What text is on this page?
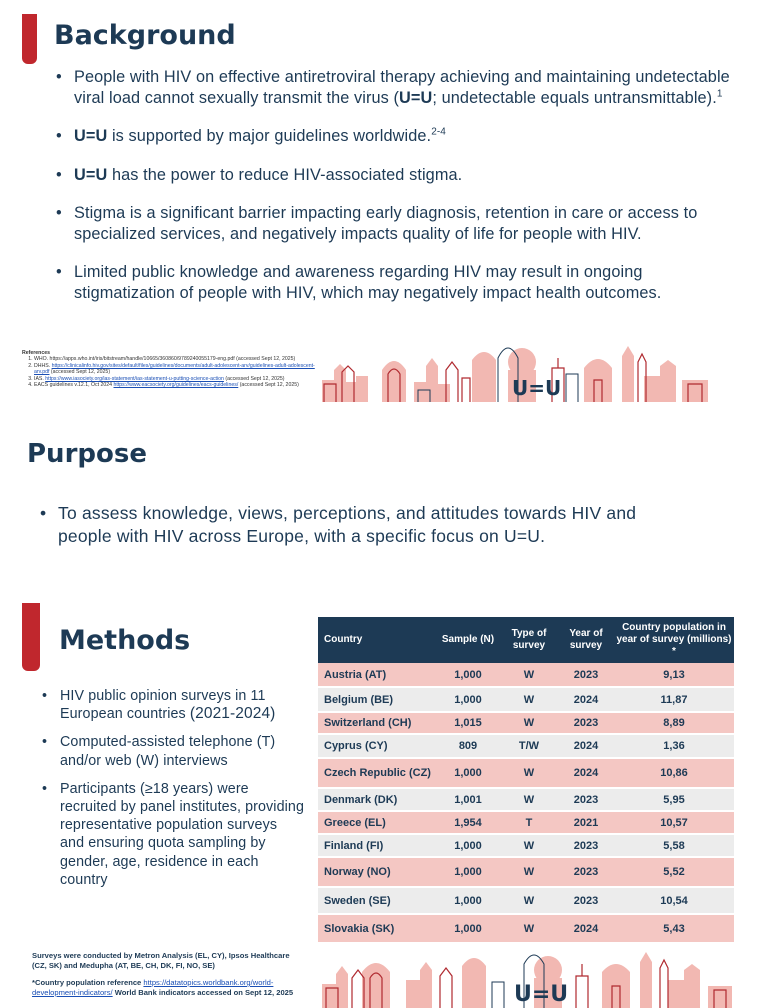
Background
• People with HIV on effective antiretroviral therapy achieving and maintaining undetectable viral load cannot sexually transmit the virus (U=U; undetectable equals untransmittable).$^1$
• U=U is supported by major guidelines worldwide.$^{2-4}$
• U=U has the power to reduce HIV-associated stigma.
• Stigma is a significant barrier impacting early diagnosis, retention in care or access to specialized services, and negatively impacts quality of life for people with HIV.
• Limited public knowledge and awareness regarding HIV may result in ongoing stigmatization of people with HIV, which may negatively impact health outcomes.
References
1. WHO. https://apps.who.int/iris/bitstream/handle/10665/360860/9789240055179-eng.pdf (accessed Sept 12, 2025)
2. DHHS. https://clinicalinfo.hiv.gov/sites/default/files/guidelines/documents/adult-adolescent-arv/guidelines-adult-adolescent-arv.pdf (accessed Sept 12, 2025)
3. IAS. https://www.iasociety.org/ias-statement/ias-statement-u-putting-science-action (accessed Sept 12, 2025)
4. EACS guidelines v.12.1, Oct 2024 https://www.eacsociety.org/guidelines/eacs-guidelines/ (accessed Sept 12, 2025)	U=U
Purpose
• To assess knowledge, views, perceptions, and attitudes towards HIV and people with HIV across Europe, with a specific focus on U=U.
Methods
• HIV public opinion surveys in 11 European countries (2021-2024)
• Computed-assisted telephone (T) and/or web (W) interviews
• Participants (≥18 years) were recruited by panel institutes, providing representative population surveys and ensuring quota sampling by gender, age, residence in each country
Country	Sample (N)	Type of survey	Year of survey	Country population in year of survey (millions) *
Austria (AT)	1,000	W	2023	9,13
Belgium (BE)	1,000	W	2024	11,87
Switzerland (CH)	1,015	W	2023	8,89
Cyprus (CY)	809	T/W	2024	1,36
Czech Republic (CZ)	1,000	W	2024	10,86
Denmark (DK)	1,001	W	2023	5,95
Greece (EL)	1,954	T	2021	10,57
Finland (FI)	1,000	W	2023	5,58
Norway (NO)	1,000	W	2023	5,52
Sweden (SE)	1,000	W	2023	10,54
Slovakia (SK)	1,000	W	2024	5,43
Surveys were conducted by Metron Analysis (EL, CY), Ipsos Healthcare (CZ, SK) and Medupha (AT, BE, CH, DK, FI, NO, SE)
*Country population reference https://datatopics.worldbank.org/world-development-indicators/ World Bank indicators accessed on Sept 12, 2025	U=U
